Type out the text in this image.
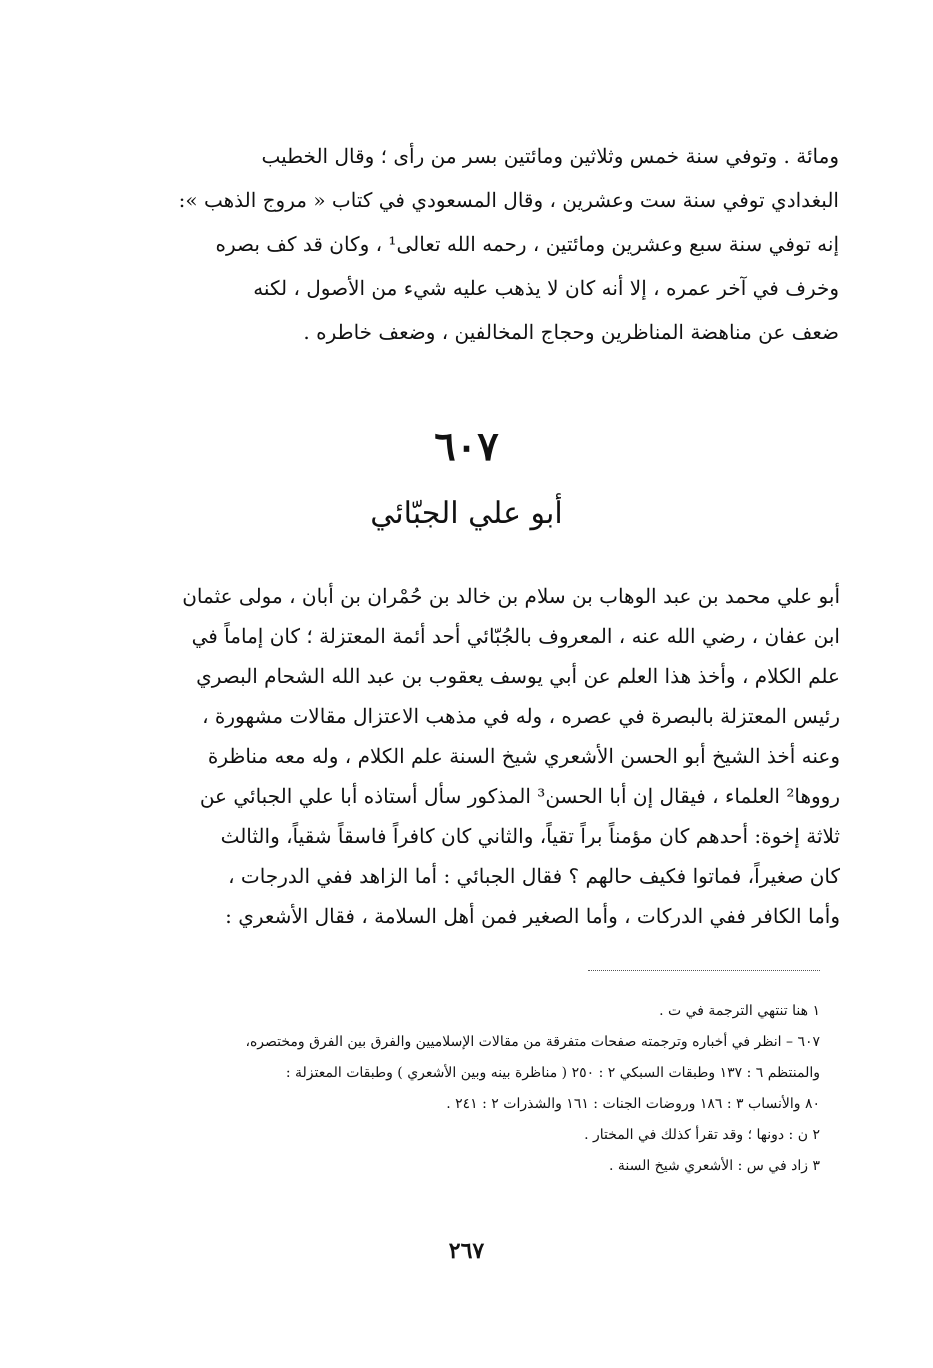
ومائة . وتوفي سنة خمس وثلاثين ومائتين بسر من رأى ؛ وقال الخطيب
البغدادي توفي سنة ست وعشرين ، وقال المسعودي في كتاب « مروج الذهب »:
إنه توفي سنة سبع وعشرين ومائتين ، رحمه الله تعالى¹ ، وكان قد كف بصره
وخرف في آخر عمره ، إلا أنه كان لا يذهب عليه شيء من الأصول ، لكنه
ضعف عن مناهضة المناظرين وحجاج المخالفين ، وضعف خاطره .
٦٠٧
أبو علي الجبّائي
أبو علي محمد بن عبد الوهاب بن سلام بن خالد بن حُمْران بن أبان ، مولى عثمان
ابن عفان ، رضي الله عنه ، المعروف بالجُبّائي أحد أئمة المعتزلة ؛ كان إماماً في
علم الكلام ، وأخذ هذا العلم عن أبي يوسف يعقوب بن عبد الله الشحام البصري
رئيس المعتزلة بالبصرة في عصره ، وله في مذهب الاعتزال مقالات مشهورة ،
وعنه أخذ الشيخ أبو الحسن الأشعري شيخ السنة علم الكلام ، وله معه مناظرة
رووها² العلماء ، فيقال إن أبا الحسن³ المذكور سأل أستاذه أبا علي الجبائي عن
ثلاثة إخوة: أحدهم كان مؤمناً براً تقياً، والثاني كان كافراً فاسقاً شقياً، والثالث
كان صغيراً، فماتوا فكيف حالهم ؟ فقال الجبائي : أما الزاهد ففي الدرجات ،
وأما الكافر ففي الدركات ، وأما الصغير فمن أهل السلامة ، فقال الأشعري :
١ هنا تنتهي الترجمة في ت .
٦٠٧ – انظر في أخباره وترجمته صفحات متفرقة من مقالات الإسلاميين والفرق بين الفرق ومختصره،
والمنتظم ٦ : ١٣٧ وطبقات السبكي ٢ : ٢٥٠ ( مناظرة بينه وبين الأشعري ) وطبقات المعتزلة :
٨٠ والأنساب ٣ : ١٨٦ وروضات الجنات : ١٦١ والشذرات ٢ : ٢٤١ .
٢ ن : دونها ؛ وقد تقرأ كذلك في المختار .
٣ زاد في س : الأشعري شيخ السنة .
٢٦٧
